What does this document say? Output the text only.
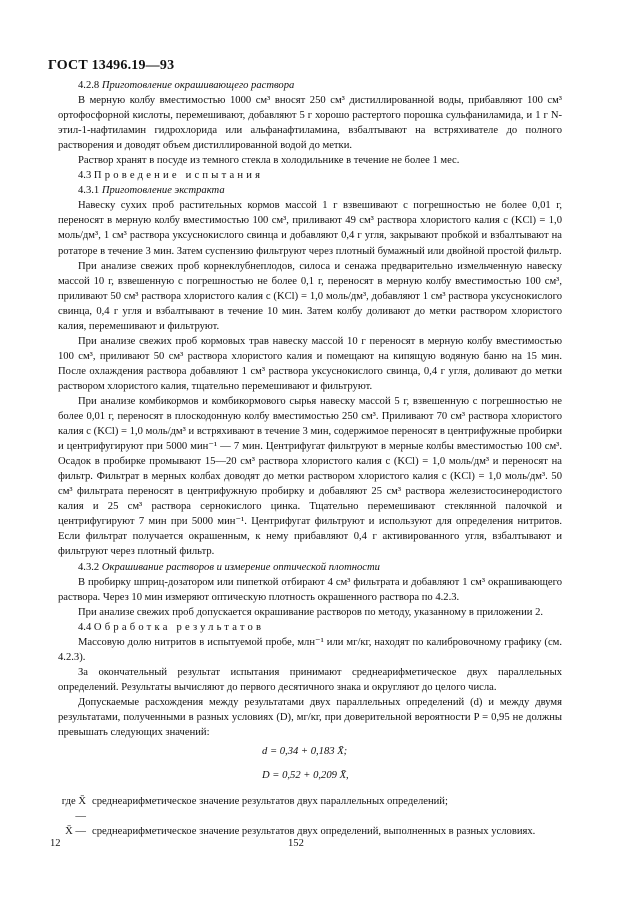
ГОСТ 13496.19—93

4.2.8 Приготовление окрашивающего раствора

В мерную колбу вместимостью 1000 см³ вносят 250 см³ дистиллированной воды, прибавляют 100 см³ ортофосфорной кислоты, перемешивают, добавляют 5 г хорошо растертого порошка сульфаниламида, и 1 г N-этил-1-нафтиламин гидрохлорида или альфанафтиламина, взбалтывают на встряхивателе до полного растворения и доводят объем дистиллированной водой до метки.

Раствор хранят в посуде из темного стекла в холодильнике в течение не более 1 мес.

4.3 Проведение испытания

4.3.1 Приготовление экстракта

Навеску сухих проб растительных кормов массой 1 г взвешивают с погрешностью не более 0,01 г, переносят в мерную колбу вместимостью 100 см³, приливают 49 см³ раствора хлористого калия c (KCl) = 1,0 моль/дм³, 1 см³ раствора уксуснокислого свинца и добавляют 0,4 г угля, закрывают пробкой и взбалтывают на ротаторе в течение 3 мин. Затем суспензию фильтруют через плотный бумажный или двойной простой фильтр.

При анализе свежих проб корнеклубнеплодов, силоса и сенажа предварительно измельченную навеску массой 10 г, взвешенную с погрешностью не более 0,1 г, переносят в мерную колбу вместимостью 100 см³, приливают 50 см³ раствора хлористого калия c (KCl) = 1,0 моль/дм³, добавляют 1 см³ раствора уксуснокислого свинца, 0,4 г угля и взбалтывают в течение 10 мин. Затем колбу доливают до метки раствором хлористого калия, перемешивают и фильтруют.

При анализе свежих проб кормовых трав навеску массой 10 г переносят в мерную колбу вместимостью 100 см³, приливают 50 см³ раствора хлористого калия и помещают на кипящую водяную баню на 15 мин. После охлаждения раствора добавляют 1 см³ раствора уксуснокислого свинца, 0,4 г угля, доливают до метки раствором хлористого калия, тщательно перемешивают и фильтруют.

При анализе комбикормов и комбикормового сырья навеску массой 5 г, взвешенную с погрешностью не более 0,01 г, переносят в плоскодонную колбу вместимостью 250 см³. Приливают 70 см³ раствора хлористого калия c (KCl) = 1,0 моль/дм³ и встряхивают в течение 3 мин, содержимое переносят в центрифужные пробирки и центрифугируют при 5000 мин⁻¹ — 7 мин. Центрифугат фильтруют в мерные колбы вместимостью 100 см³. Осадок в пробирке промывают 15—20 см³ раствора хлористого калия c (KCl) = 1,0 моль/дм³ и переносят на фильтр. Фильтрат в мерных колбах доводят до метки раствором хлористого калия c (KCl) = 1,0 моль/дм³. 50 см³ фильтрата переносят в центрифужную пробирку и добавляют 25 см³ раствора железистосинеродистого калия и 25 см³ раствора сернокислого цинка. Тщательно перемешивают стеклянной палочкой и центрифугируют 7 мин при 5000 мин⁻¹. Центрифугат фильтруют и используют для определения нитритов. Если фильтрат получается окрашенным, к нему прибавляют 0,4 г активированного угля, взбалтывают и фильтруют через плотный фильтр.

4.3.2 Окрашивание растворов и измерение оптической плотности

В пробирку шприц-дозатором или пипеткой отбирают 4 см³ фильтрата и добавляют 1 см³ окрашивающего раствора. Через 10 мин измеряют оптическую плотность окрашенного раствора по 4.2.3.

При анализе свежих проб допускается окрашивание растворов по методу, указанному в приложении 2.

4.4 Обработка результатов

Массовую долю нитритов в испытуемой пробе, млн⁻¹ или мг/кг, находят по калибровочному графику (см. 4.2.3).

За окончательный результат испытания принимают среднеарифметическое двух параллельных определений. Результаты вычисляют до первого десятичного знака и округляют до целого числа.

Допускаемые расхождения между результатами двух параллельных определений (d) и между двумя результатами, полученными в разных условиях (D), мг/кг, при доверительной вероятности P = 0,95 не должны превышать следующих значений:

d = 0,34 + 0,183 X̄;
D = 0,52 + 0,209 X̄,
где X̄ —
среднеарифметическое значение результатов двух параллельных определений;
X̄ — среднеарифметическое значение результатов двух определений, выполненных в разных условиях.
12	152
